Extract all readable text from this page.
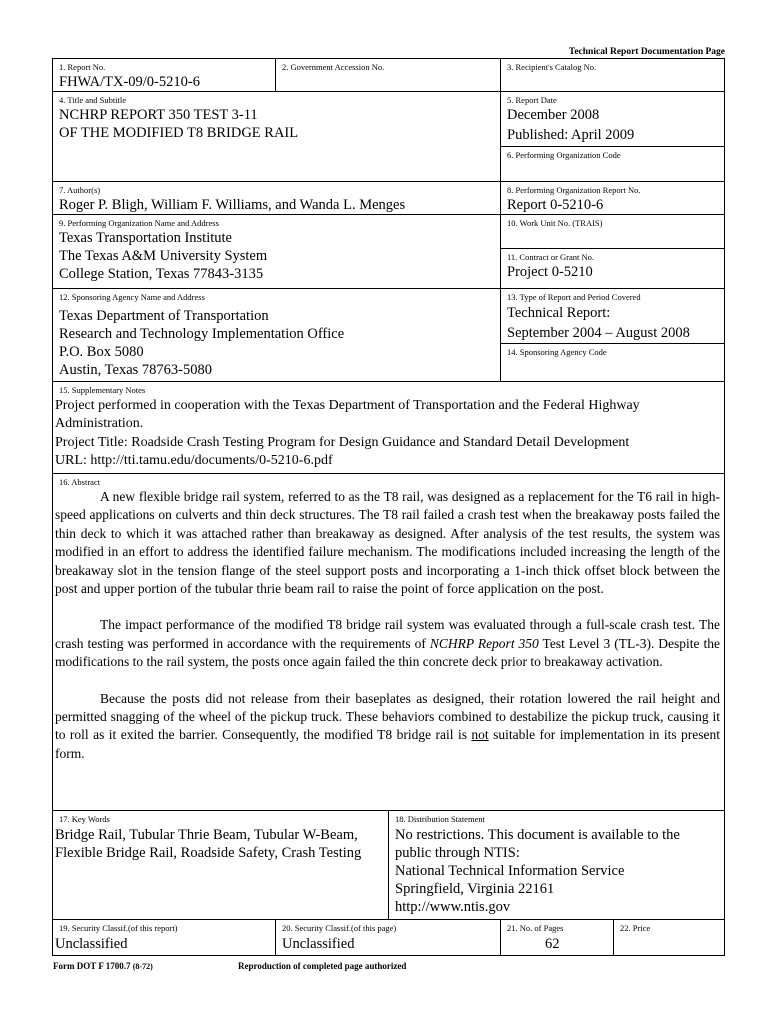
Technical Report Documentation Page
1. Report No.
FHWA/TX-09/0-5210-6
2. Government Accession No.	3. Recipient's Catalog No.
4. Title and Subtitle
NCHRP REPORT 350 TEST 3-11
OF THE MODIFIED T8 BRIDGE RAIL
5. Report Date
December 2008
Published: April 2009
6. Performing Organization Code
7. Author(s)
Roger P. Bligh, William F. Williams, and Wanda L. Menges
8. Performing Organization Report No.
Report 0-5210-6
9. Performing Organization Name and Address
Texas Transportation Institute
The Texas A&M University System
College Station, Texas 77843-3135
10. Work Unit No. (TRAIS)
11. Contract or Grant No.
Project 0-5210
12. Sponsoring Agency Name and Address
Texas Department of Transportation
Research and Technology Implementation Office
P.O. Box 5080
Austin, Texas 78763-5080
13. Type of Report and Period Covered
Technical Report:
September 2004 – August 2008
14. Sponsoring Agency Code
15. Supplementary Notes

Project performed in cooperation with the Texas Department of Transportation and the Federal Highway Administration.

Project Title: Roadside Crash Testing Program for Design Guidance and Standard Detail Development

URL: http://tti.tamu.edu/documents/0-5210-6.pdf

16. Abstract

A new flexible bridge rail system, referred to as the T8 rail, was designed as a replacement for the T6 rail in high-speed applications on culverts and thin deck structures. The T8 rail failed a crash test when the breakaway posts failed the thin deck to which it was attached rather than breakaway as designed. After analysis of the test results, the system was modified in an effort to address the identified failure mechanism. The modifications included increasing the length of the breakaway slot in the tension flange of the steel support posts and incorporating a 1-inch thick offset block between the post and upper portion of the tubular thrie beam rail to raise the point of force application on the post.

The impact performance of the modified T8 bridge rail system was evaluated through a full-scale crash test. The crash testing was performed in accordance with the requirements of NCHRP Report 350 Test Level 3 (TL-3). Despite the modifications to the rail system, the posts once again failed the thin concrete deck prior to breakaway activation.

Because the posts did not release from their baseplates as designed, their rotation lowered the rail height and permitted snagging of the wheel of the pickup truck. These behaviors combined to destabilize the pickup truck, causing it to roll as it exited the barrier. Consequently, the modified T8 bridge rail is not suitable for implementation in its present form.

17. Key Words
Bridge Rail, Tubular Thrie Beam, Tubular W-Beam,
Flexible Bridge Rail, Roadside Safety, Crash Testing
18. Distribution Statement
No restrictions. This document is available to the
public through NTIS:
National Technical Information Service
Springfield, Virginia 22161
http://www.ntis.gov
19. Security Classif.(of this report)
Unclassified
20. Security Classif.(of this page)
Unclassified
21. No. of Pages
62
22. Price
Form DOT F 1700.7 (8-72)	Reproduction of completed page authorized
